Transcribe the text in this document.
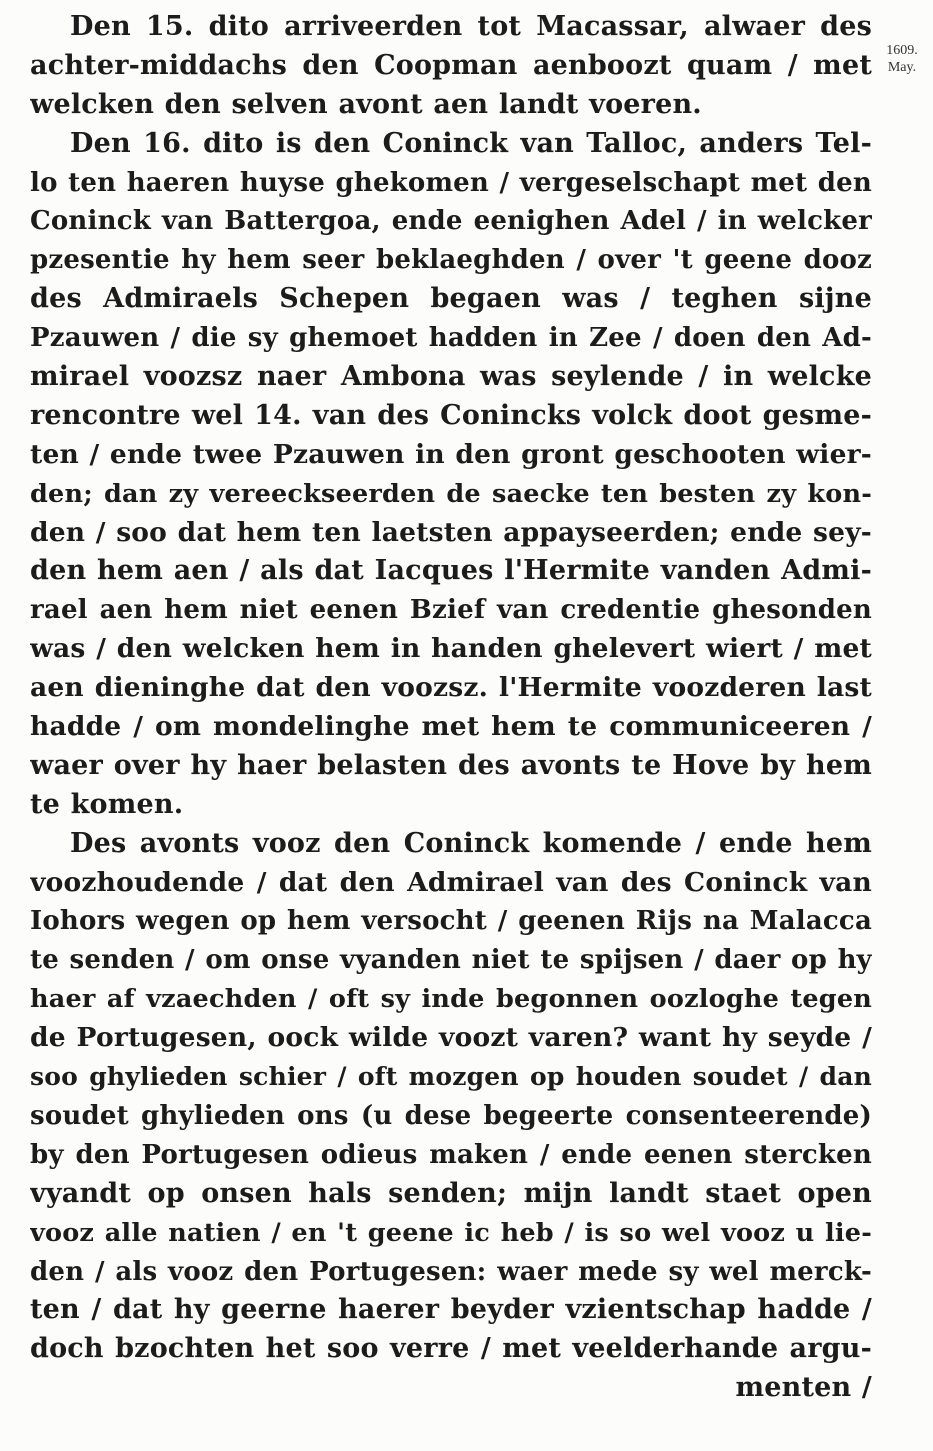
1609.
May.
Den 15. dito arriveerden tot Macassar, alwaer des
achter-middachs den Coopman aenboozt quam / met
welcken den selven avont aen landt voeren.
Den 16. dito is den Coninck van Talloc, anders Tel-
lo ten haeren huyse ghekomen / vergeselschapt met den
Coninck van Battergoa, ende eenighen Adel / in welcker
pzesentie hy hem seer beklaeghden / over 't geene dooz
des Admiraels Schepen begaen was / teghen sijne
Pzauwen / die sy ghemoet hadden in Zee / doen den Ad-
mirael voozsz naer Ambona was seylende / in welcke
rencontre wel 14. van des Conincks volck doot gesme-
ten / ende twee Pzauwen in den gront geschooten wier-
den; dan zy vereeckseerden de saecke ten besten zy kon-
den / soo dat hem ten laetsten appayseerden; ende sey-
den hem aen / als dat Iacques l'Hermite vanden Admi-
rael aen hem niet eenen Bzief van credentie ghesonden
was / den welcken hem in handen ghelevert wiert / met
aen dieninghe dat den voozsz. l'Hermite voozderen last
hadde / om mondelinghe met hem te communiceeren /
waer over hy haer belasten des avonts te Hove by hem
te komen.
Des avonts vooz den Coninck komende / ende hem
voozhoudende / dat den Admirael van des Coninck van
Iohors wegen op hem versocht / geenen Rijs na Malacca
te senden / om onse vyanden niet te spijsen / daer op hy
haer af vzaechden / oft sy inde begonnen oozloghe tegen
de Portugesen, oock wilde voozt varen? want hy seyde /
soo ghylieden schier / oft mozgen op houden soudet / dan
soudet ghylieden ons (u dese begeerte consenteerende)
by den Portugesen odieus maken / ende eenen stercken
vyandt op onsen hals senden; mijn landt staet open
vooz alle natien / en 't geene ic heb / is so wel vooz u lie-
den / als vooz den Portugesen: waer mede sy wel merck-
ten / dat hy geerne haerer beyder vzientschap hadde /
doch bzochten het soo verre / met veelderhande argu-
menten /
